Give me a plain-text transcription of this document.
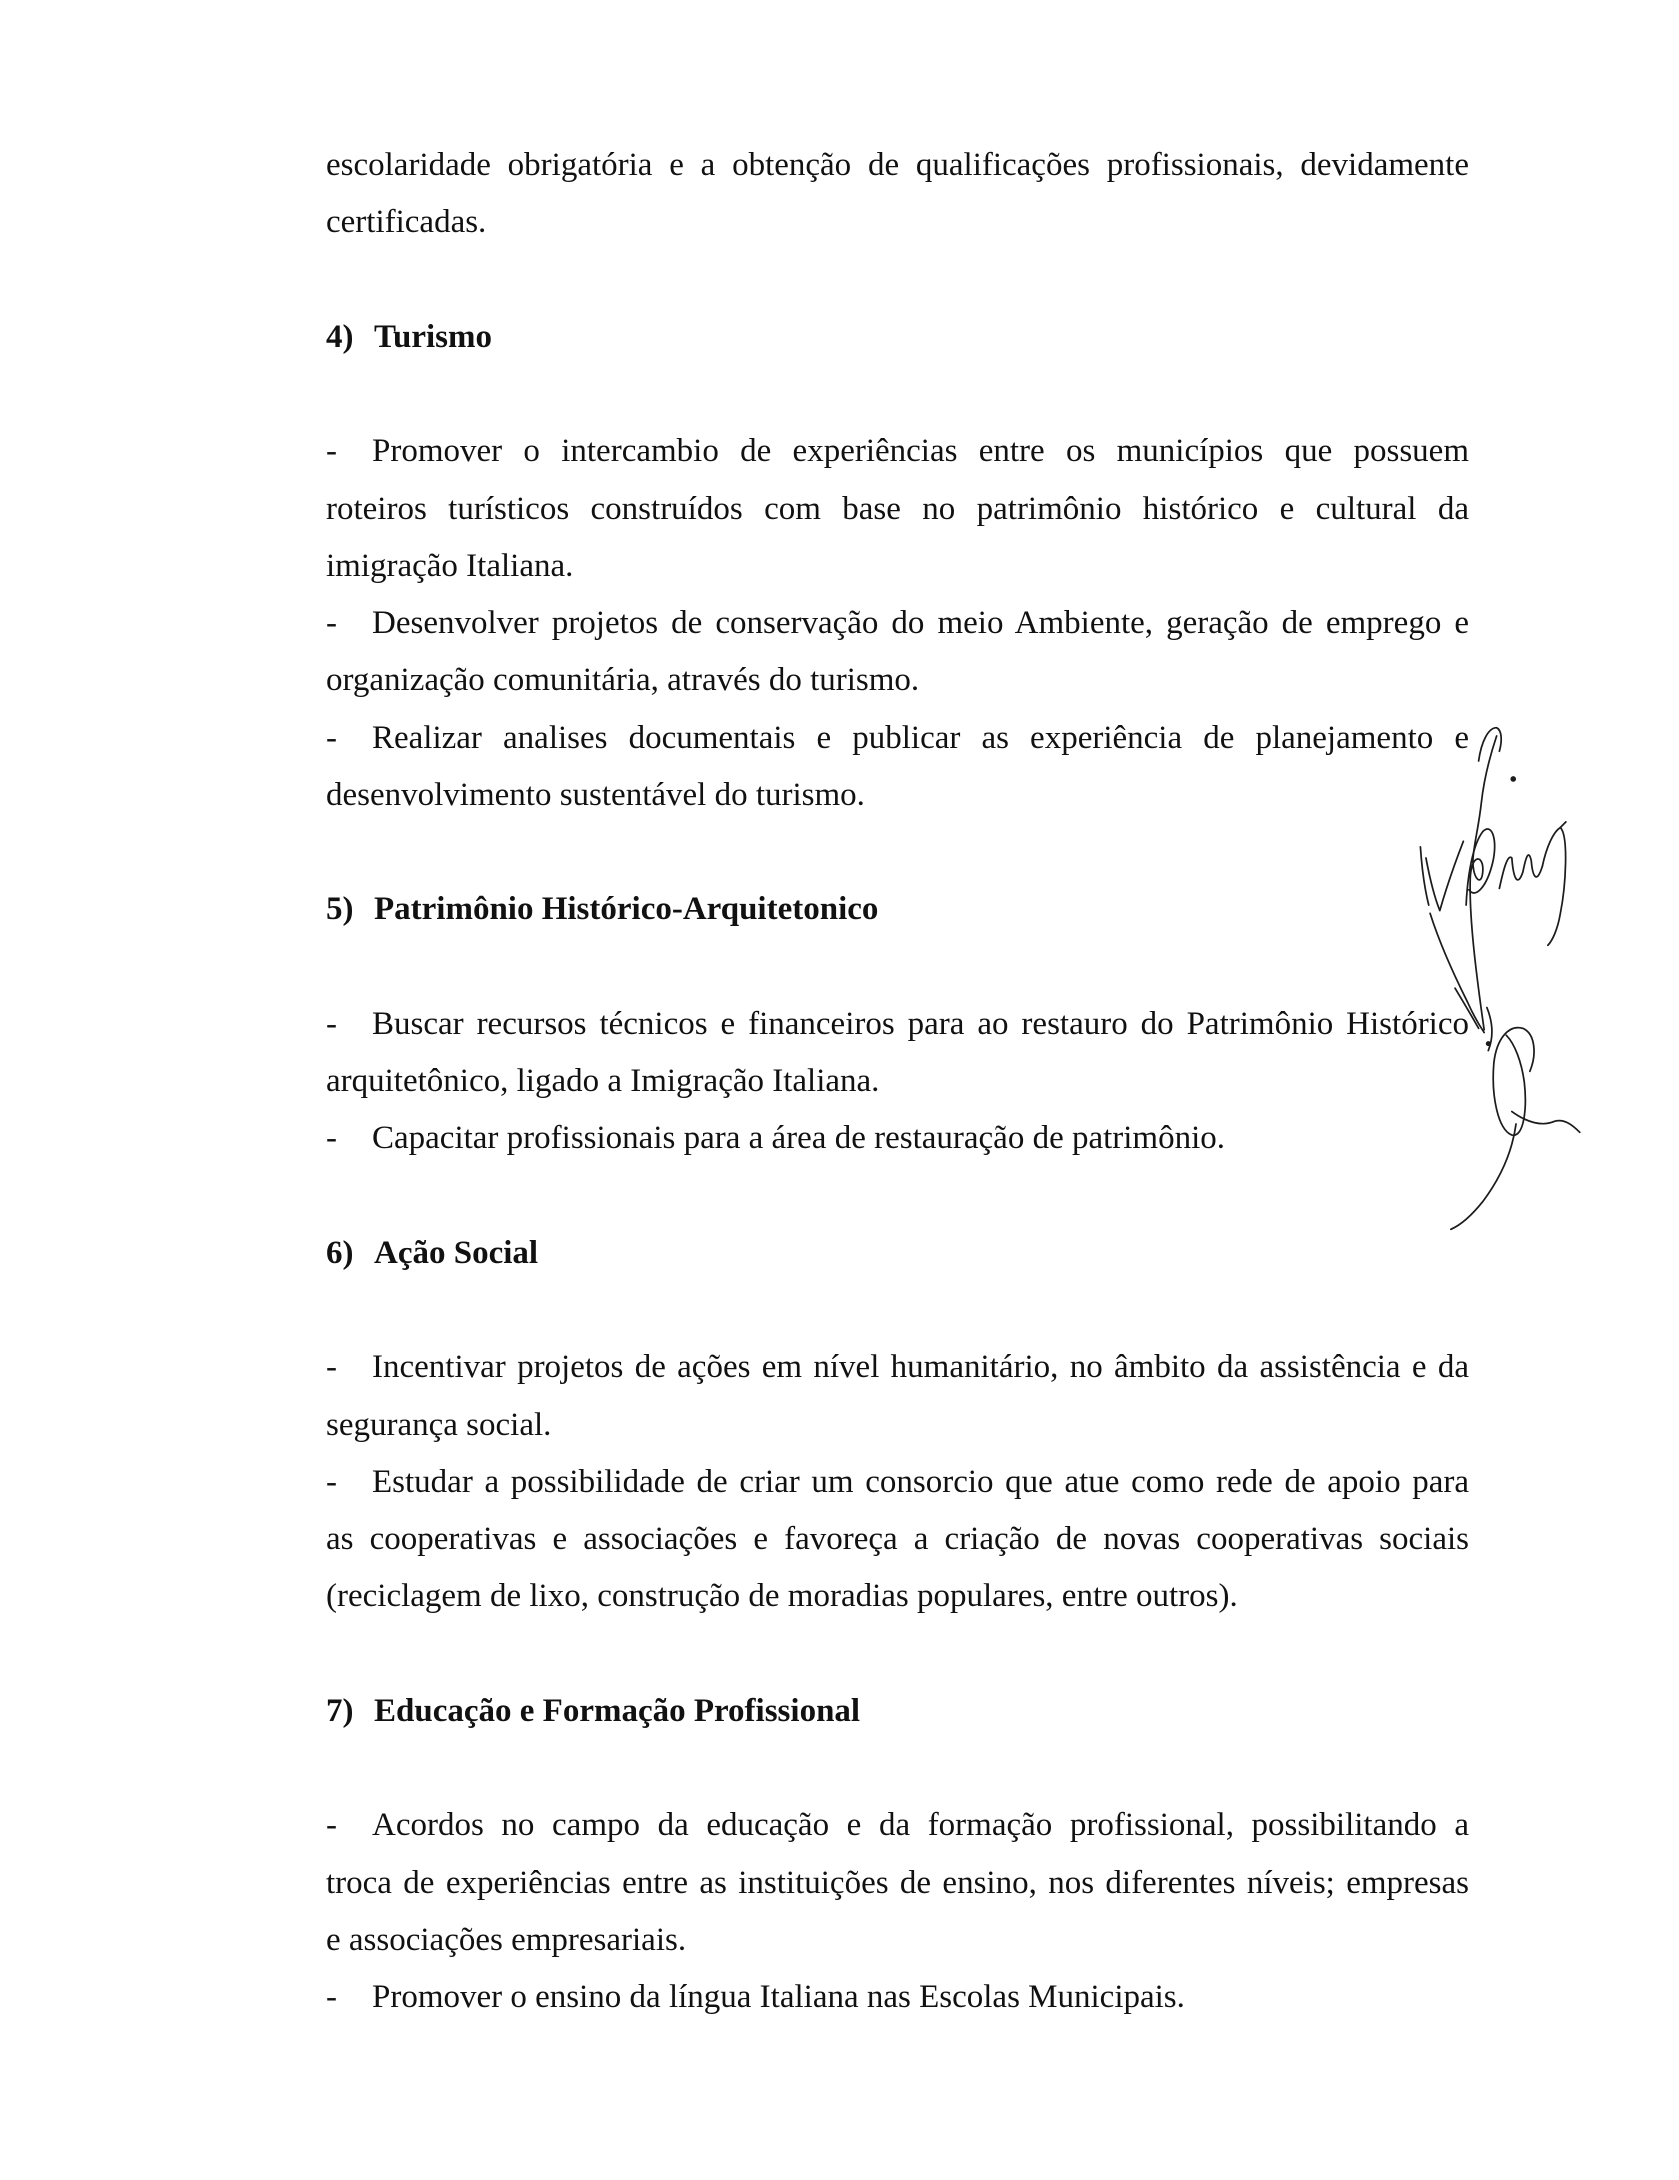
escolaridade obrigatória e a obtenção de qualificações profissionais, devidamente
certificadas.
4) Turismo
- Promover o intercambio de experiências entre os municípios que possuem
roteiros turísticos construídos com base no patrimônio histórico e cultural da
imigração Italiana.
- Desenvolver projetos de conservação do meio Ambiente, geração de emprego e
organização comunitária, através do turismo.
- Realizar analises documentais e publicar as experiência de planejamento e
desenvolvimento sustentável do turismo.
5) Patrimônio Histórico-Arquitetonico
- Buscar recursos técnicos e financeiros para ao restauro do Patrimônio Histórico
arquitetônico, ligado a Imigração Italiana.
- Capacitar profissionais para a área de restauração de patrimônio.
6) Ação Social
- Incentivar projetos de ações em nível humanitário, no âmbito da assistência e da
segurança social.
- Estudar a possibilidade de criar um consorcio que atue como rede de apoio para
as cooperativas e associações e favoreça a criação de novas cooperativas sociais
(reciclagem de lixo, construção de moradias populares, entre outros).
7) Educação e Formação Profissional
- Acordos no campo da educação e da formação profissional, possibilitando a
troca de experiências entre as instituições de ensino, nos diferentes níveis; empresas
e associações empresariais.
- Promover o ensino da língua Italiana nas Escolas Municipais.
